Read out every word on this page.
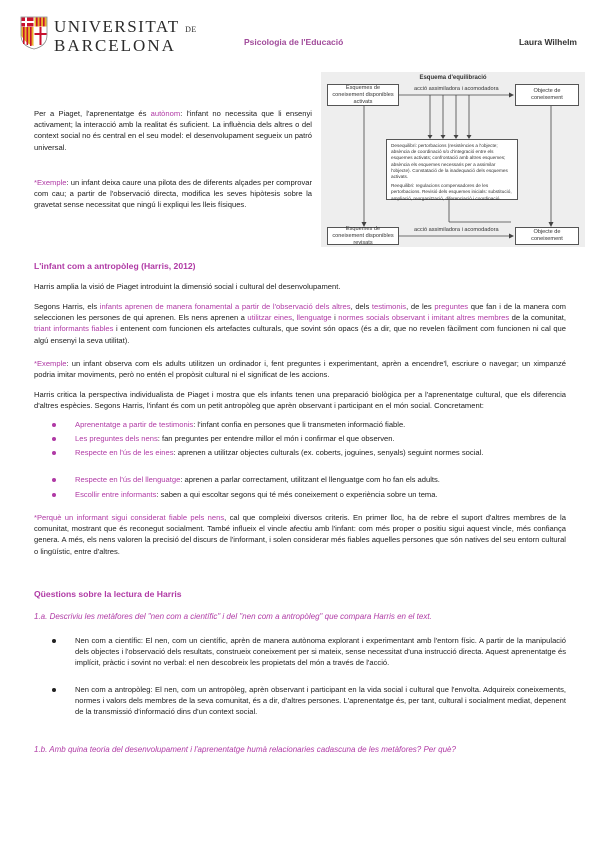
UNIVERSITAT DE
BARCELONA	Psicologia de l'Educació	Laura Wilhelm
Per a Piaget, l'aprenentatge és autònom: l'infant no necessita que li ensenyi activament; la interacció amb la realitat és suficient. La influència dels altres o del context social no és central en el seu model: el desenvolupament segueix un patró universal.
*Exemple: un infant deixa caure una pilota des de diferents alçades per comprovar com cau; a partir de l'observació directa, modifica les seves hipòtesis sobre la gravetat sense necessitat que ningú li expliqui les lleis físiques.
Esquema d'equilibració
Esquemes de coneixement disponibles activats
acció assimiladora i acomodadora	Objecte de coneixement

Desequilibri: pertorbacions (resistències a l'objecte; absència de coordinació s/o d'integració entre els esquemes activats; confrontació amb altres esquemes; absència els esquemes necessaris per a assimilar l'objecte). Constatació de la inadequació dels esquemes activats.

Reequilibri: regulacions compensadores de les pertorbacions. Revisió dels esquemes inicials: substitució, ampliació, reorganització, diferenciació i coordinació.

Esquemes de coneixement disponibles revisats
acció assimiladora i acomodadora	Objecte de coneixement
L'infant com a antropòleg (Harris, 2012)
Harris amplia la visió de Piaget introduint la dimensió social i cultural del desenvolupament.
Segons Harris, els infants aprenen de manera fonamental a partir de l'observació dels altres, dels testimonis, de les preguntes que fan i de la manera com seleccionen les persones de qui aprenen. Els nens aprenen a utilitzar eines, llenguatge i normes socials observant i imitant altres membres de la comunitat, triant informants fiables i entenent com funcionen els artefactes culturals, que sovint són opacs (és a dir, que no revelen fàcilment com funcionen ni cal que algú ensenyi la seva utilitat).
*Exemple: un infant observa com els adults utilitzen un ordinador i, fent preguntes i experimentant, aprèn a encendre'l, escriure o navegar; un ximpanzé podria imitar moviments, però no entén el propòsit cultural ni el significat de les accions.
Harris critica la perspectiva individualista de Piaget i mostra que els infants tenen una preparació biològica per a l'aprenentatge cultural, que els diferencia d'altres espècies. Segons Harris, l'infant és com un petit antropòleg que aprèn observant i participant en el món social. Concretament:
Aprenentatge a partir de testimonis: l'infant confia en persones que li transmeten informació fiable.
Les preguntes dels nens: fan preguntes per entendre millor el món i confirmar el que observen.
Respecte en l'ús de les eines: aprenen a utilitzar objectes culturals (ex. coberts, joguines, senyals) seguint normes social.
Respecte en l'ús del llenguatge: aprenen a parlar correctament, utilitzant el llenguatge com ho fan els adults.
Escollir entre informants: saben a qui escoltar segons qui té més coneixement o experiència sobre un tema.
*Perquè un informant sigui considerat fiable pels nens, cal que compleixi diversos criteris. En primer lloc, ha de rebre el suport d'altres membres de la comunitat, mostrant que és reconegut socialment. També influeix el vincle afectiu amb l'infant: com més proper o positiu sigui aquest vincle, més confiança genera. A més, els nens valoren la precisió del discurs de l'informant, i solen considerar més fiables aquelles persones que són natives del seu entorn cultural o lingüístic, entre d'altres.
Qüestions sobre la lectura de Harris
1.a. Descriviu les metàfores del "nen com a científic" i del "nen com a antropòleg" que compara Harris en el text.
Nen com a científic: El nen, com un científic, aprèn de manera autònoma explorant i experimentant amb l'entorn físic. A partir de la manipulació dels objectes i l'observació dels resultats, construeix coneixement per si mateix, sense necessitat d'una instrucció directa. Aquest aprenentatge és implícit, pràctic i sovint no verbal: el nen descobreix les propietats del món a través de l'acció.
Nen com a antropòleg: El nen, com un antropòleg, aprèn observant i participant en la vida social i cultural que l'envolta. Adquireix coneixements, normes i valors dels membres de la seva comunitat, és a dir, d'altres persones. L'aprenentatge és, per tant, cultural i socialment mediat, depenent de la transmissió d'informació dins d'un context social.
1.b. Amb quina teoria del desenvolupament i l'aprenentatge humà relacionaries cadascuna de les metàfores? Per què?
